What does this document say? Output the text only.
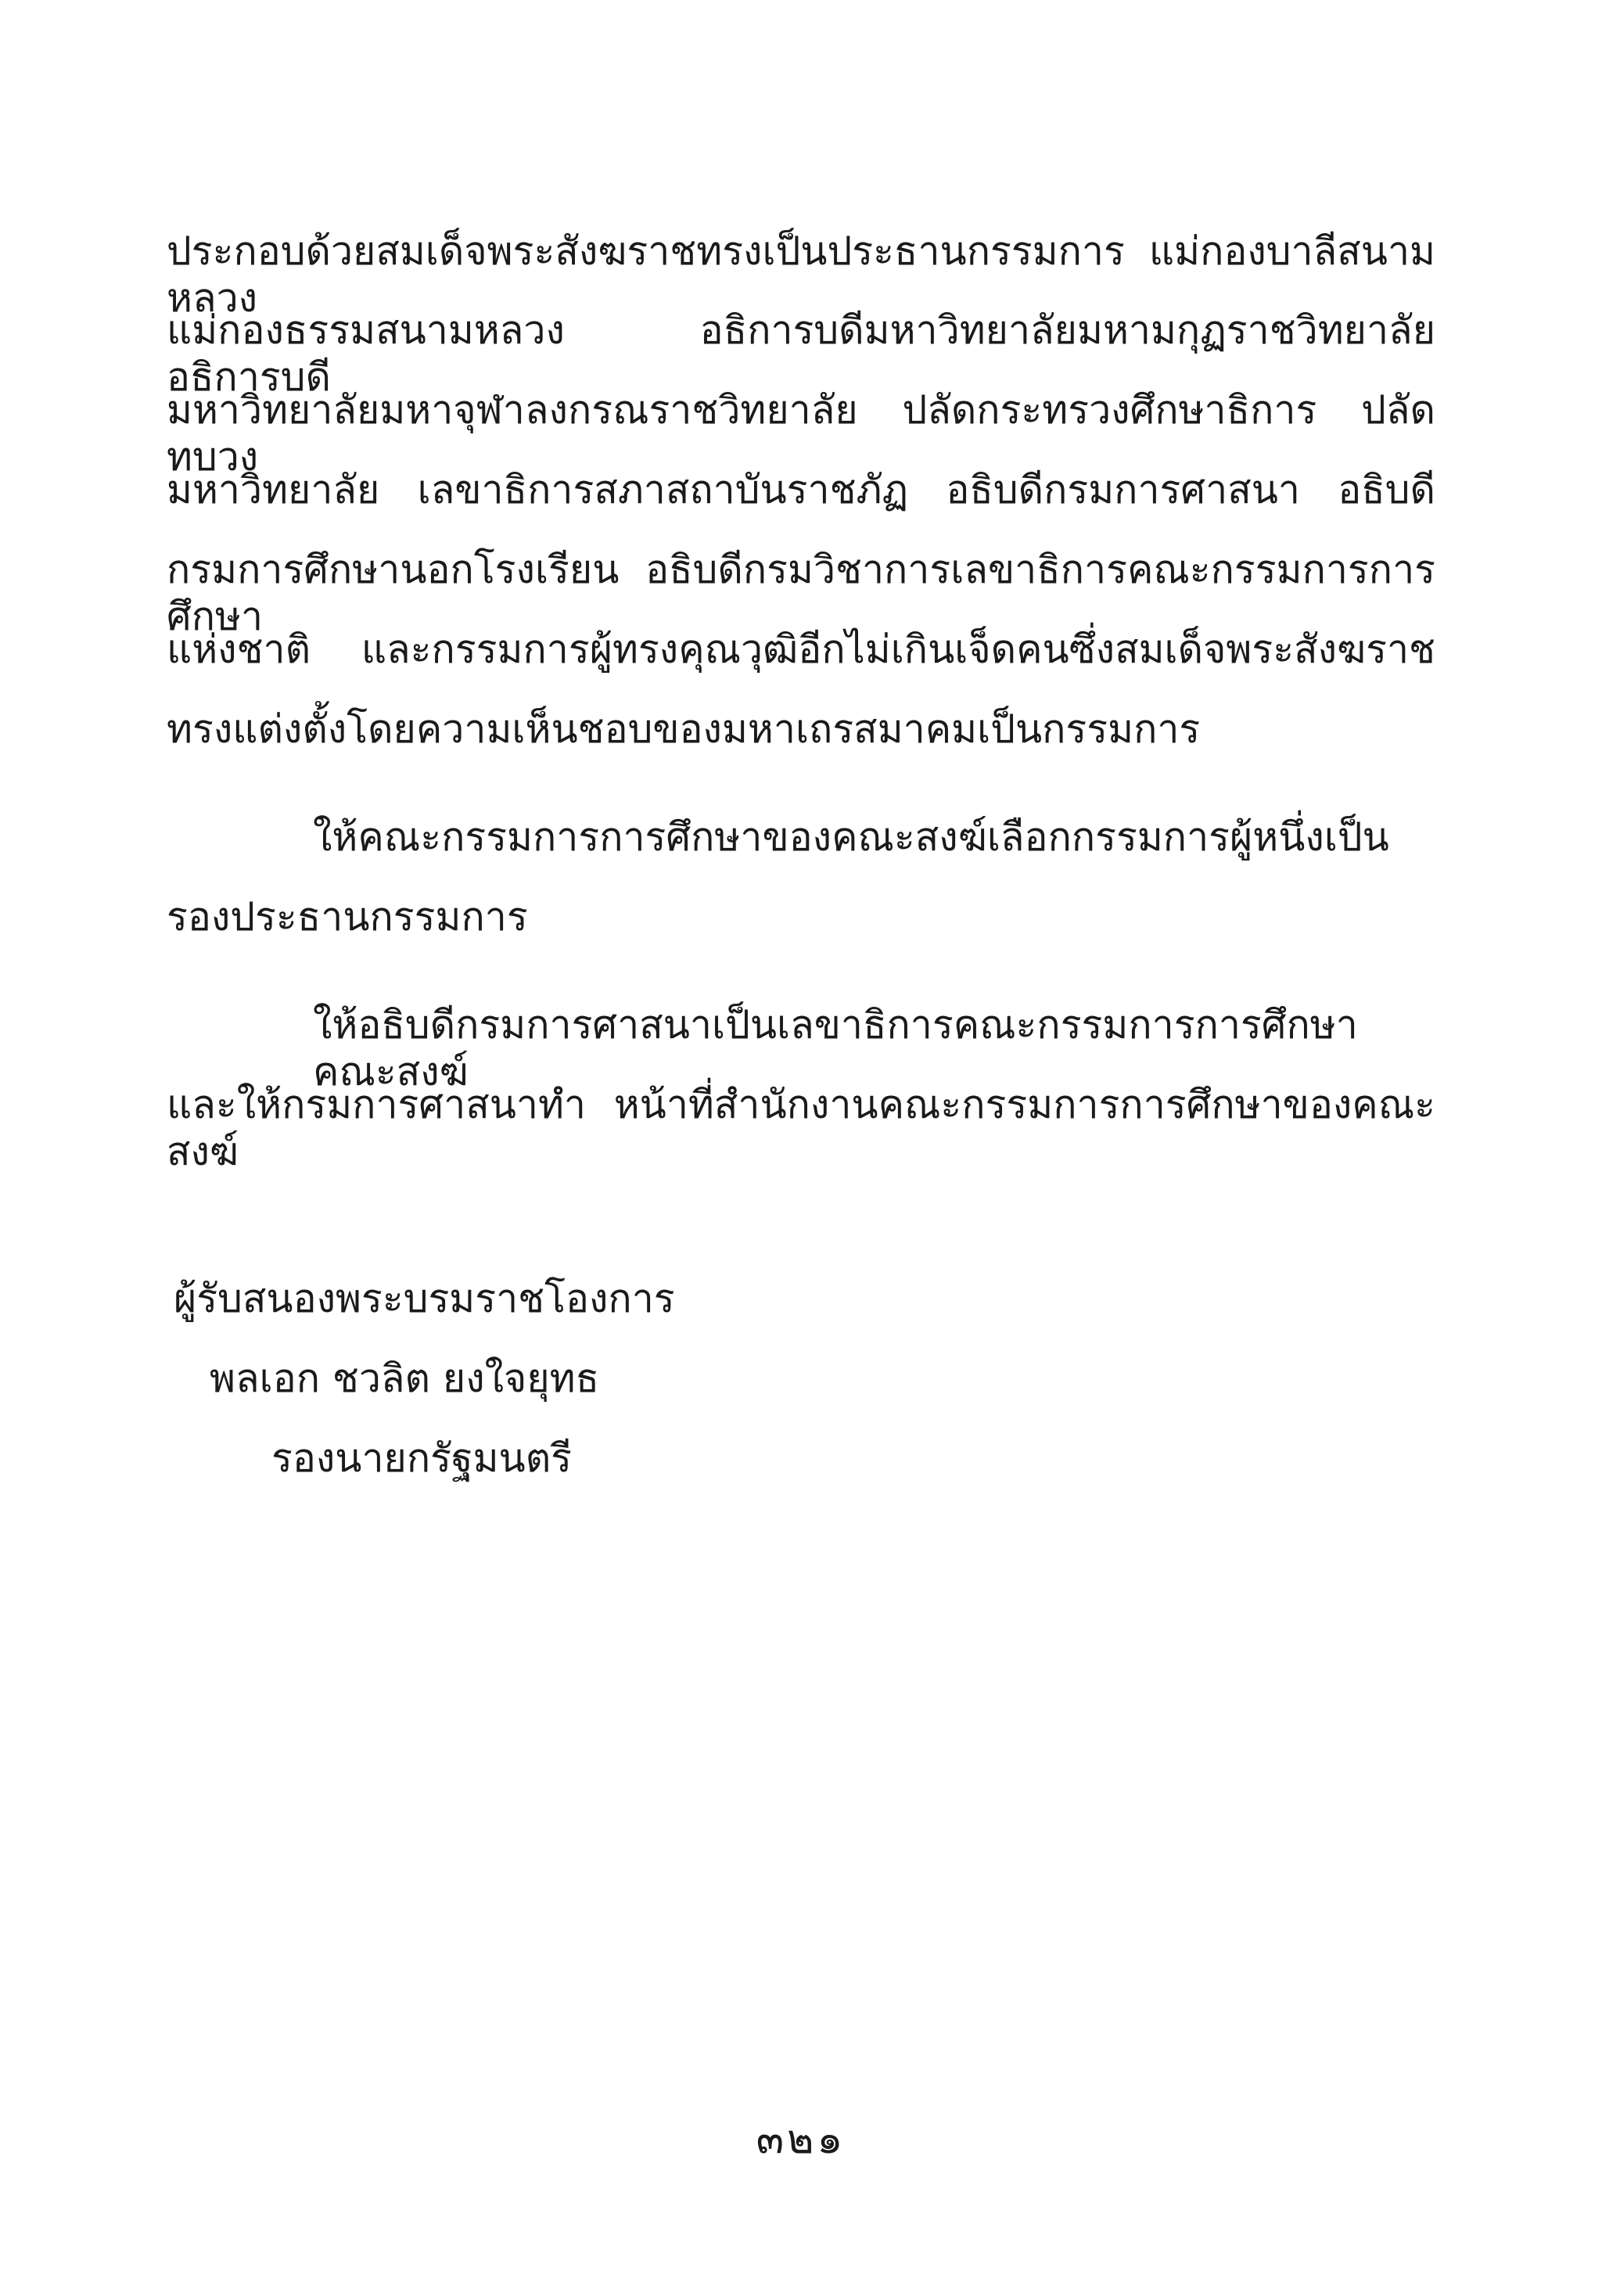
ประกอบด้วยสมเด็จพระสังฆราชทรงเป็นประธานกรรมการ แม่กองบาลีสนามหลวง
แม่กองธรรมสนามหลวง อธิการบดีมหาวิทยาลัยมหามกุฏราชวิทยาลัย อธิการบดี
มหาวิทยาลัยมหาจุฬาลงกรณราชวิทยาลัย ปลัดกระทรวงศึกษาธิการ ปลัดทบวง
มหาวิทยาลัย เลขาธิการสภาสถาบันราชภัฏ อธิบดีกรมการศาสนา อธิบดี
กรมการศึกษานอกโรงเรียน อธิบดีกรมวิชาการเลขาธิการคณะกรรมการการศึกษา
แห่งชาติ และกรรมการผู้ทรงคุณวุฒิอีกไม่เกินเจ็ดคนซึ่งสมเด็จพระสังฆราช
ทรงแต่งตั้งโดยความเห็นชอบของมหาเถรสมาคมเป็นกรรมการ
ให้คณะกรรมการการศึกษาของคณะสงฆ์เลือกกรรมการผู้หนึ่งเป็น
รองประธานกรรมการ
ให้อธิบดีกรมการศาสนาเป็นเลขาธิการคณะกรรมการการศึกษาคณะสงฆ์
และให้กรมการศาสนาทำ หน้าที่สำนักงานคณะกรรมการการศึกษาของคณะสงฆ์
ผู้รับสนองพระบรมราชโองการ
พลเอก ชวลิต ยงใจยุทธ
รองนายกรัฐมนตรี
๓๒๑
